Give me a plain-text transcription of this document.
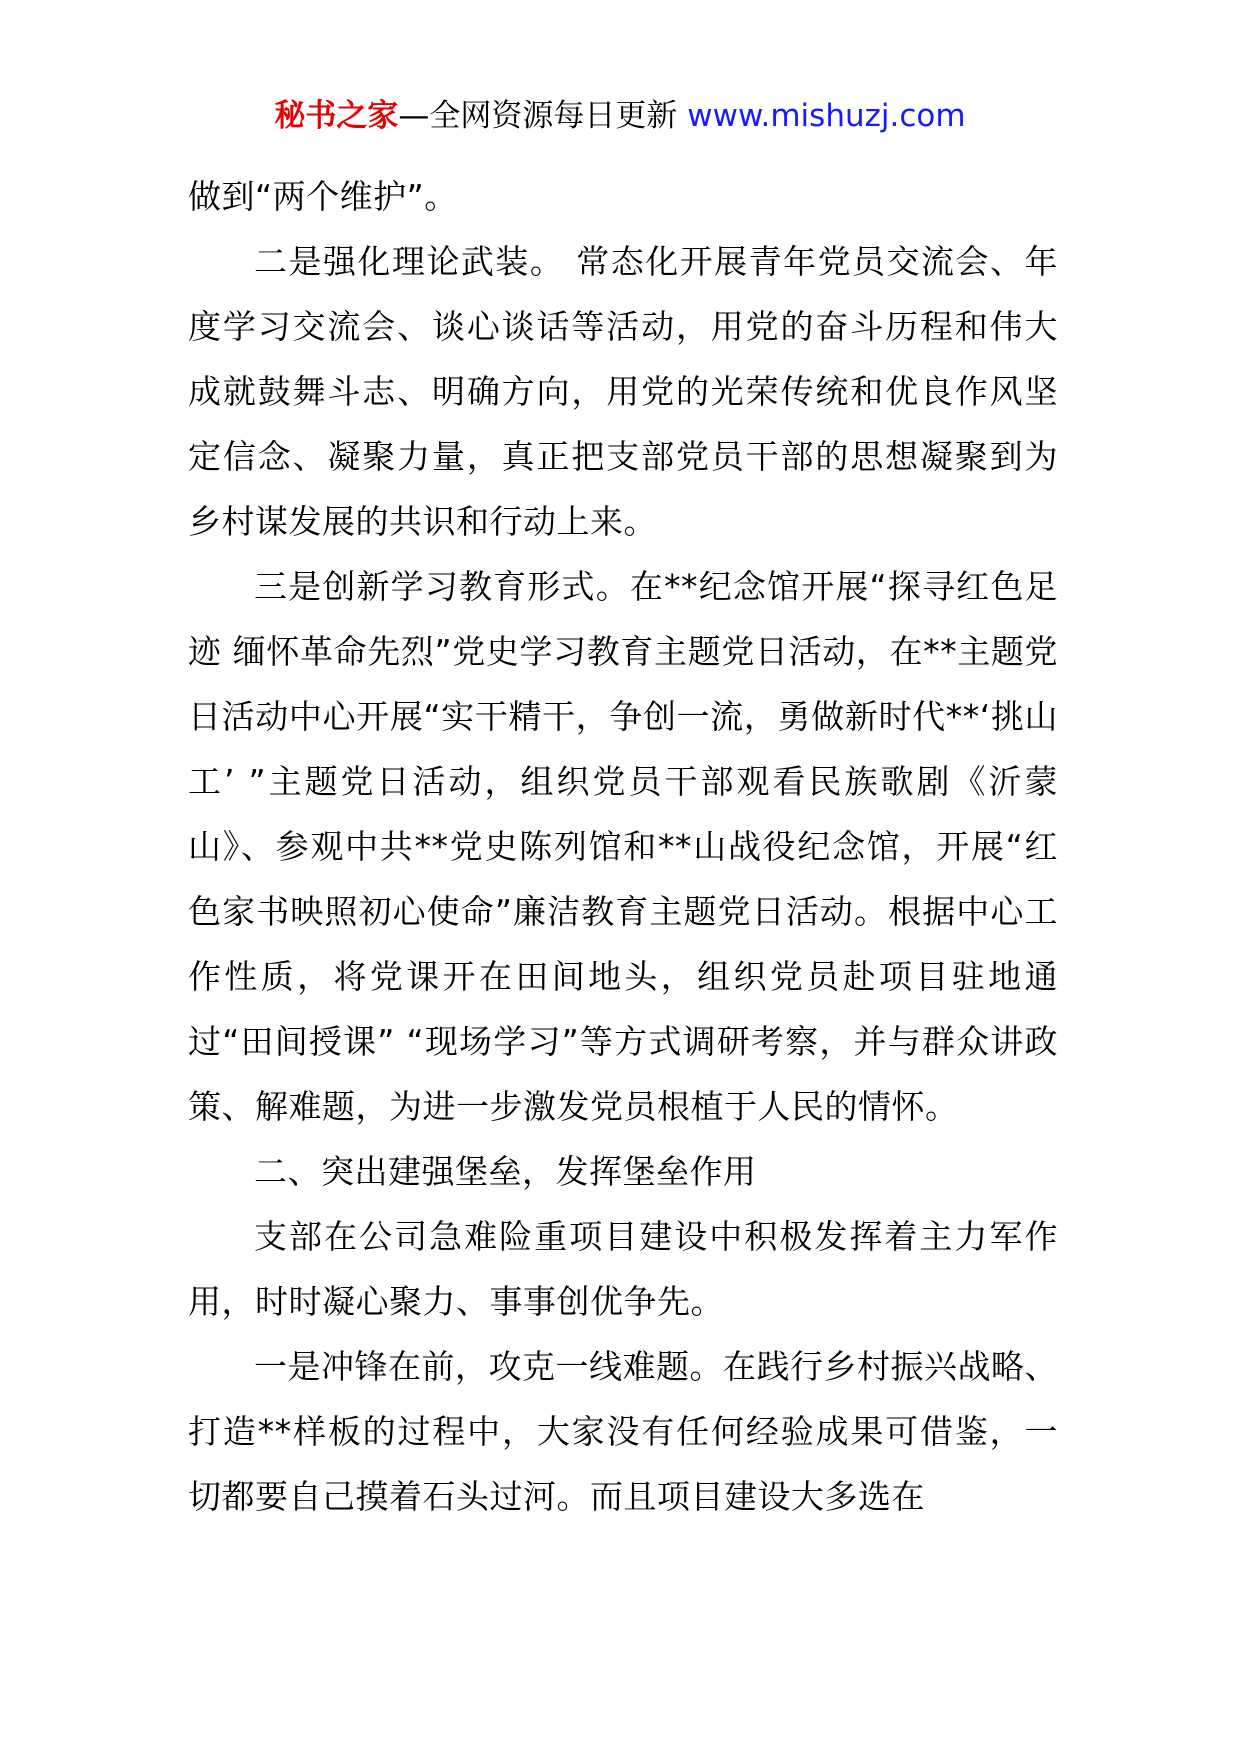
秘书之家—全网资源每日更新 www.mishuzj.com

做到“两个维护”。

二是强化理论武装。 常态化开展青年党员交流会、年度学习交流会、谈心谈话等活动，用党的奋斗历程和伟大成就鼓舞斗志、明确方向，用党的光荣传统和优良作风坚定信念、凝聚力量，真正把支部党员干部的思想凝聚到为乡村谋发展的共识和行动上来。

三是创新学习教育形式。在**纪念馆开展“探寻红色足迹 缅怀革命先烈”党史学习教育主题党日活动，在**主题党日活动中心开展“实干精干，争创一流，勇做新时代**‘挑山工’ ”主题党日活动，组织党员干部观看民族歌剧《沂蒙山》、参观中共**党史陈列馆和**山战役纪念馆，开展“红色家书映照初心使命”廉洁教育主题党日活动。根据中心工作性质，将党课开在田间地头，组织党员赴项目驻地通过“田间授课” “现场学习”等方式调研考察，并与群众讲政策、解难题，为进一步激发党员根植于人民的情怀。

二、突出建强堡垒，发挥堡垒作用

支部在公司急难险重项目建设中积极发挥着主力军作用，时时凝心聚力、事事创优争先。

一是冲锋在前，攻克一线难题。在践行乡村振兴战略、打造**样板的过程中，大家没有任何经验成果可借鉴，一切都要自己摸着石头过河。而且项目建设大多选在
